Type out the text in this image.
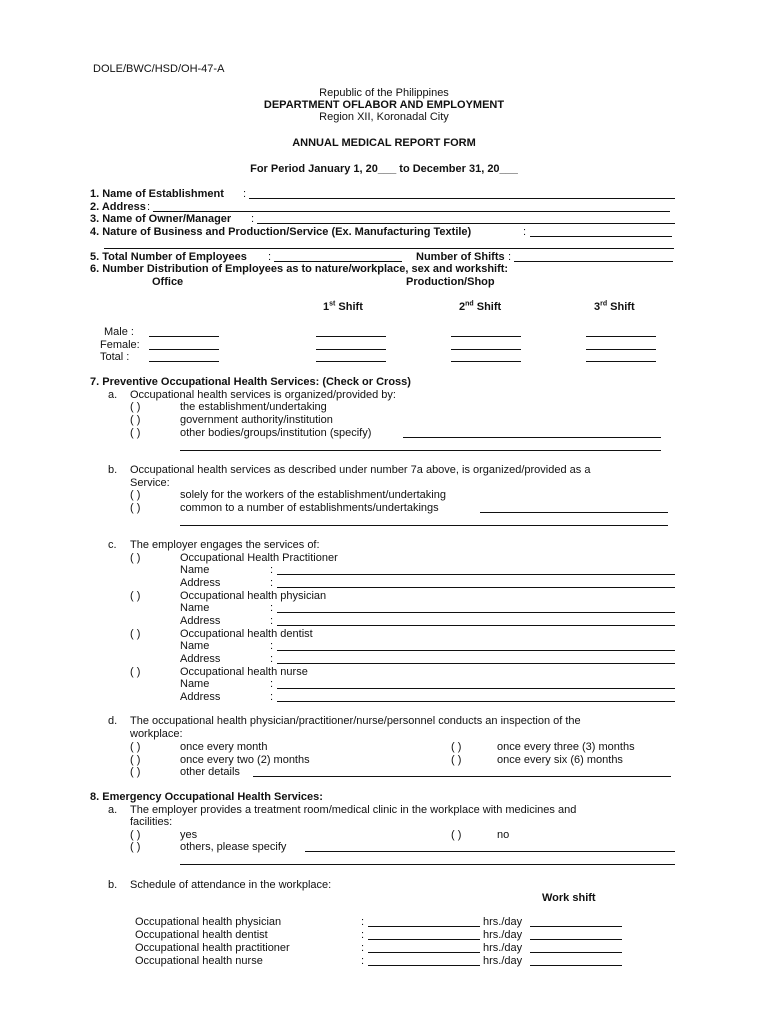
DOLE/BWC/HSD/OH-47-A
Republic of the Philippines
DEPARTMENT OFLABOR AND EMPLOYMENT
Region XII, Koronadal City
ANNUAL MEDICAL REPORT FORM
For Period January 1, 20___ to December 31, 20___
1. Name of Establishment :
2. Address :
3. Name of Owner/Manager :
4. Nature of Business and Production/Service (Ex. Manufacturing Textile)	:
5. Total Number of Employees :	Number of Shifts :
6. Number Distribution of Employees as to nature/workplace, sex and workshift:
Office	Production/Shop
1st Shift	2nd Shift	3rd Shift
Male :
Female:
Total :
7. Preventive Occupational Health Services: (Check or Cross)
a. Occupational health services is organized/provided by:
( )	the establishment/undertaking
( )	government authority/institution
( )	other bodies/groups/institution (specify)
b. Occupational health services as described under number 7a above, is organized/provided as a
Service:
( )	solely for the workers of the establishment/undertaking
( )	common to a number of establishments/undertakings
c. The employer engages the services of:
( )	Occupational Health Practitioner
Name	:
Address	:
( )	Occupational health physician
Name	:
Address	:
( )	Occupational health dentist
Name	:
Address	:
( )	Occupational health nurse
Name	:
Address	:
d. The occupational health physician/practitioner/nurse/personnel conducts an inspection of the
workplace:
( )	once every month	( )	once every three (3) months
( )	once every two (2) months	( )	once every six (6) months
( )	other details
8. Emergency Occupational Health Services:
a. The employer provides a treatment room/medical clinic in the workplace with medicines and
facilities:
( )	yes	( )	no
( )	others, please specify
b. Schedule of attendance in the workplace:
Work shift
Occupational health physician	:	hrs./day
Occupational health dentist	:	hrs./day
Occupational health practitioner	:	hrs./day
Occupational health nurse	:	hrs./day
